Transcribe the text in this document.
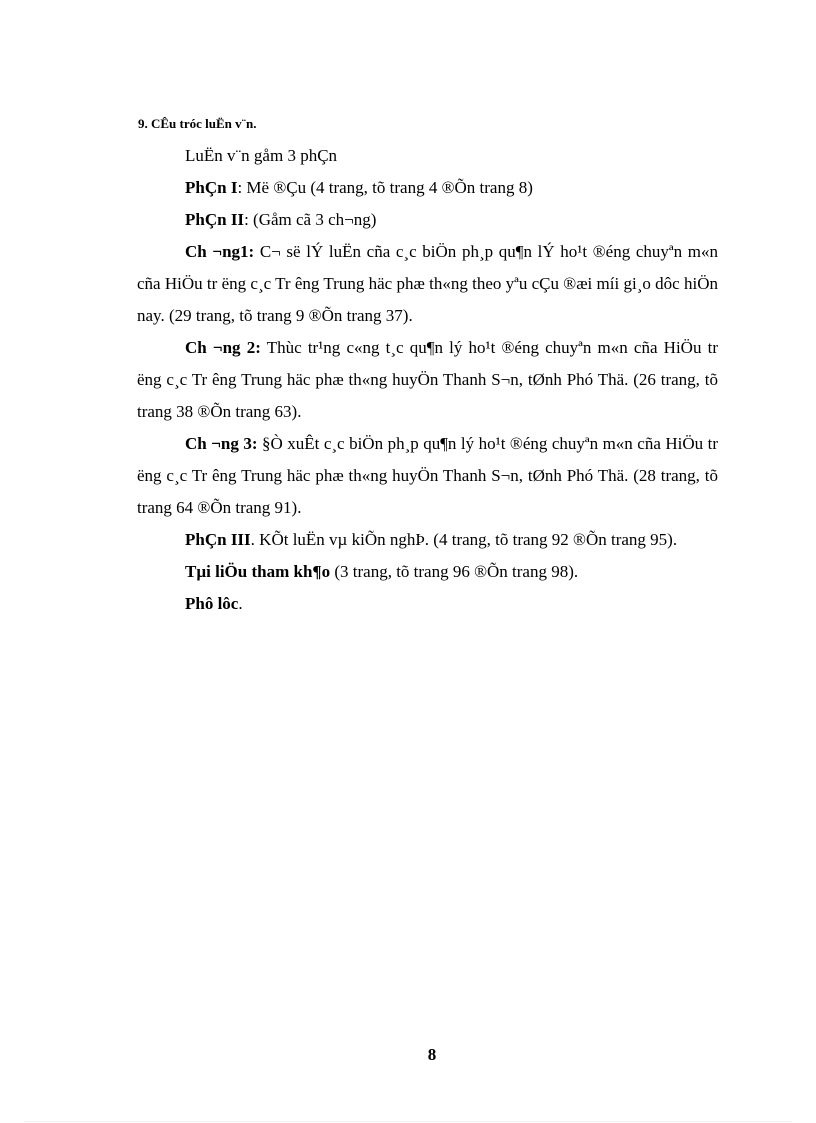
9. CÊu tróc luËn v¨n.

LuËn v¨n gåm 3 phÇn

PhÇn I: Më ®Çu (4 trang, tõ trang 4 ®Õn trang 8)

PhÇn II: (Gåm cã 3 ch¬ng)

Ch ¬ng1: C¬ së lÝ luËn cña c¸c biÖn ph¸p qu¶n lÝ ho¹t ®éng chuyªn m«n cña HiÖu tr ëng c¸c Tr êng Trung häc phæ th«ng theo yªu cÇu ®æi míi gi¸o dôc hiÖn nay. (29 trang, tõ trang 9 ®Õn trang 37).

Ch ¬ng 2: Thùc tr¹ng c«ng t¸c qu¶n lý ho¹t ®éng chuyªn m«n cña HiÖu tr ëng c¸c Tr êng Trung häc phæ th«ng huyÖn Thanh S¬n, tØnh Phó Thä. (26 trang, tõ trang 38 ®Õn trang 63).

Ch ¬ng 3: §Ò xuÊt c¸c biÖn ph¸p qu¶n lý ho¹t ®éng chuyªn m«n cña HiÖu tr ëng c¸c Tr êng Trung häc phæ th«ng huyÖn Thanh S¬n, tØnh Phó Thä. (28 trang, tõ trang 64 ®Õn trang 91).

PhÇn III. KÕt luËn vµ kiÕn nghÞ. (4 trang, tõ trang 92 ®Õn trang 95).

Tµi liÖu tham kh¶o (3 trang, tõ trang 96 ®Õn trang 98).

Phô lôc.

8
